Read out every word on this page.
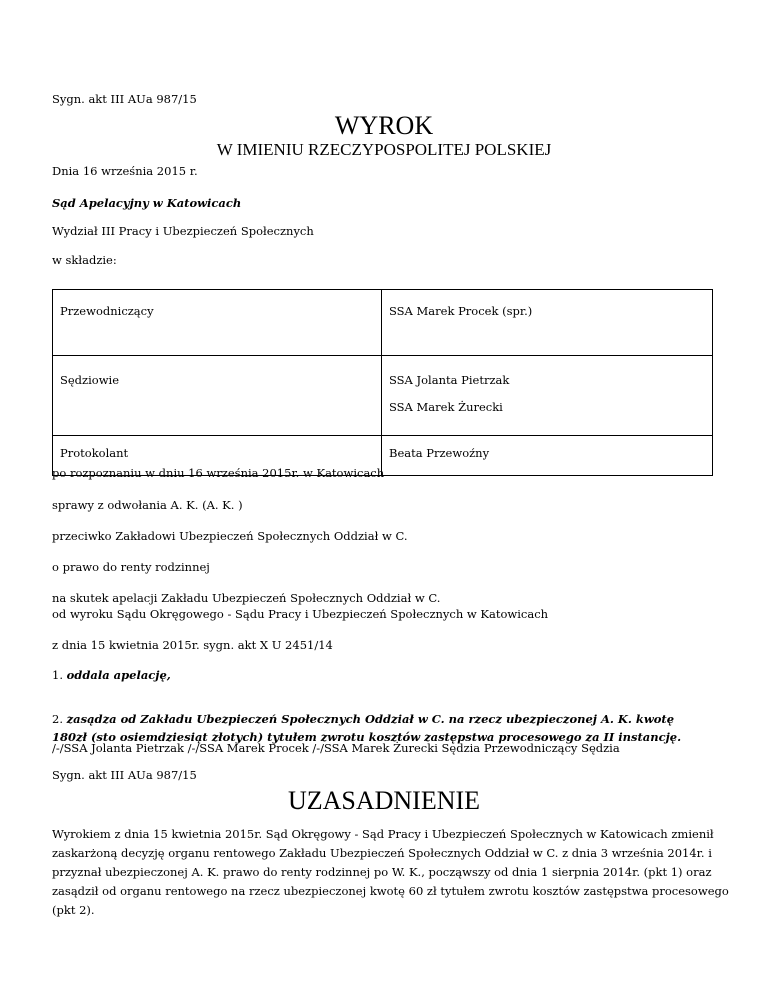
Sygn. akt III AUa 987/15
WYROK
W IMIENIU RZECZYPOSPOLITEJ POLSKIEJ
Dnia 16 września 2015 r.
Sąd Apelacyjny w Katowicach
Wydział III Pracy i Ubezpieczeń Społecznych
w składzie:
Przewodniczący	SSA Marek Procek (spr.)

Sędziowie	SSA Jolanta Pietrzak
SSA Marek Żurecki

Protokolant	Beata Przewoźny
po rozpoznaniu w dniu 16 września 2015r. w Katowicach
sprawy z odwołania A. K. (A. K. )
przeciwko Zakładowi Ubezpieczeń Społecznych Oddział w C.
o prawo do renty rodzinnej
na skutek apelacji Zakładu Ubezpieczeń Społecznych Oddział w C.
od wyroku Sądu Okręgowego - Sądu Pracy i Ubezpieczeń Społecznych w Katowicach
z dnia 15 kwietnia 2015r. sygn. akt X U 2451/14
1. oddala apelację,
2. zasądza od Zakładu Ubezpieczeń Społecznych Oddział w C. na rzecz ubezpieczonej A. K. kwotę
180zł (sto osiemdziesiąt złotych) tytułem zwrotu kosztów zastępstwa procesowego za II instancję.
/-/SSA Jolanta Pietrzak /-/SSA Marek Procek /-/SSA Marek Żurecki Sędzia Przewodniczący Sędzia
Sygn. akt III AUa 987/15
UZASADNIENIE
Wyrokiem z dnia 15 kwietnia 2015r. Sąd Okręgowy - Sąd Pracy i Ubezpieczeń Społecznych w Katowicach zmienił
zaskarżoną decyzję organu rentowego Zakładu Ubezpieczeń Społecznych Oddział w C. z dnia 3 września 2014r. i
przyznał ubezpieczonej A. K. prawo do renty rodzinnej po W. K., począwszy od dnia 1 sierpnia 2014r. (pkt 1) oraz
zasądził od organu rentowego na rzecz ubezpieczonej kwotę 60 zł tytułem zwrotu kosztów zastępstwa procesowego
(pkt 2).
